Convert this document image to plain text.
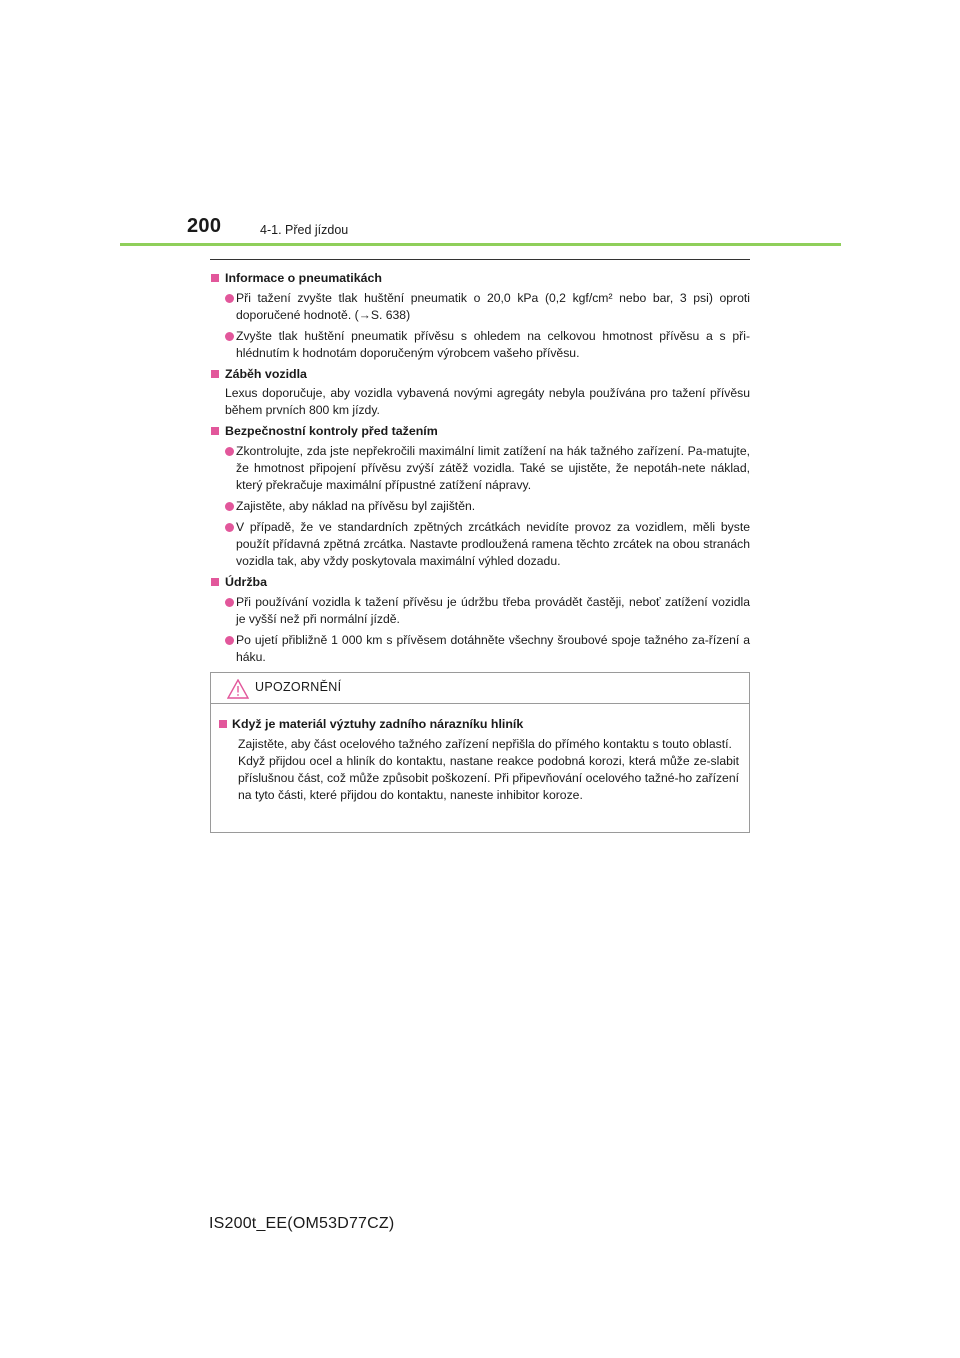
200	4-1. Před jízdou
Informace o pneumatikách
Při tažení zvyšte tlak huštění pneumatik o 20,0 kPa (0,2 kgf/cm² nebo bar, 3 psi) oproti doporučené hodnotě. (→S. 638)
Zvyšte tlak huštění pneumatik přívěsu s ohledem na celkovou hmotnost přívěsu a s při-hlédnutím k hodnotám doporučeným výrobcem vašeho přívěsu.
Záběh vozidla
Lexus doporučuje, aby vozidla vybavená novými agregáty nebyla používána pro tažení přívěsu během prvních 800 km jízdy.
Bezpečnostní kontroly před tažením
Zkontrolujte, zda jste nepřekročili maximální limit zatížení na hák tažného zařízení. Pa-matujte, že hmotnost připojení přívěsu zvýší zátěž vozidla. Také se ujistěte, že nepotáh-nete náklad, který překračuje maximální přípustné zatížení nápravy.
Zajistěte, aby náklad na přívěsu byl zajištěn.
V případě, že ve standardních zpětných zrcátkách nevidíte provoz za vozidlem, měli byste použít přídavná zpětná zrcátka. Nastavte prodloužená ramena těchto zrcátek na obou stranách vozidla tak, aby vždy poskytovala maximální výhled dozadu.
Údržba
Při používání vozidla k tažení přívěsu je údržbu třeba provádět častěji, neboť zatížení vozidla je vyšší než při normální jízdě.
Po ujetí přibližně 1 000 km s přívěsem dotáhněte všechny šroubové spoje tažného za-řízení a háku.
UPOZORNĚNÍ
Když je materiál výztuhy zadního nárazníku hliník
Zajistěte, aby část ocelového tažného zařízení nepřišla do přímého kontaktu s touto oblastí.
Když přijdou ocel a hliník do kontaktu, nastane reakce podobná korozi, která může ze-slabit příslušnou část, což může způsobit poškození. Při připevňování ocelového tažné-ho zařízení na tyto části, které přijdou do kontaktu, naneste inhibitor koroze.
IS200t_EE(OM53D77CZ)
